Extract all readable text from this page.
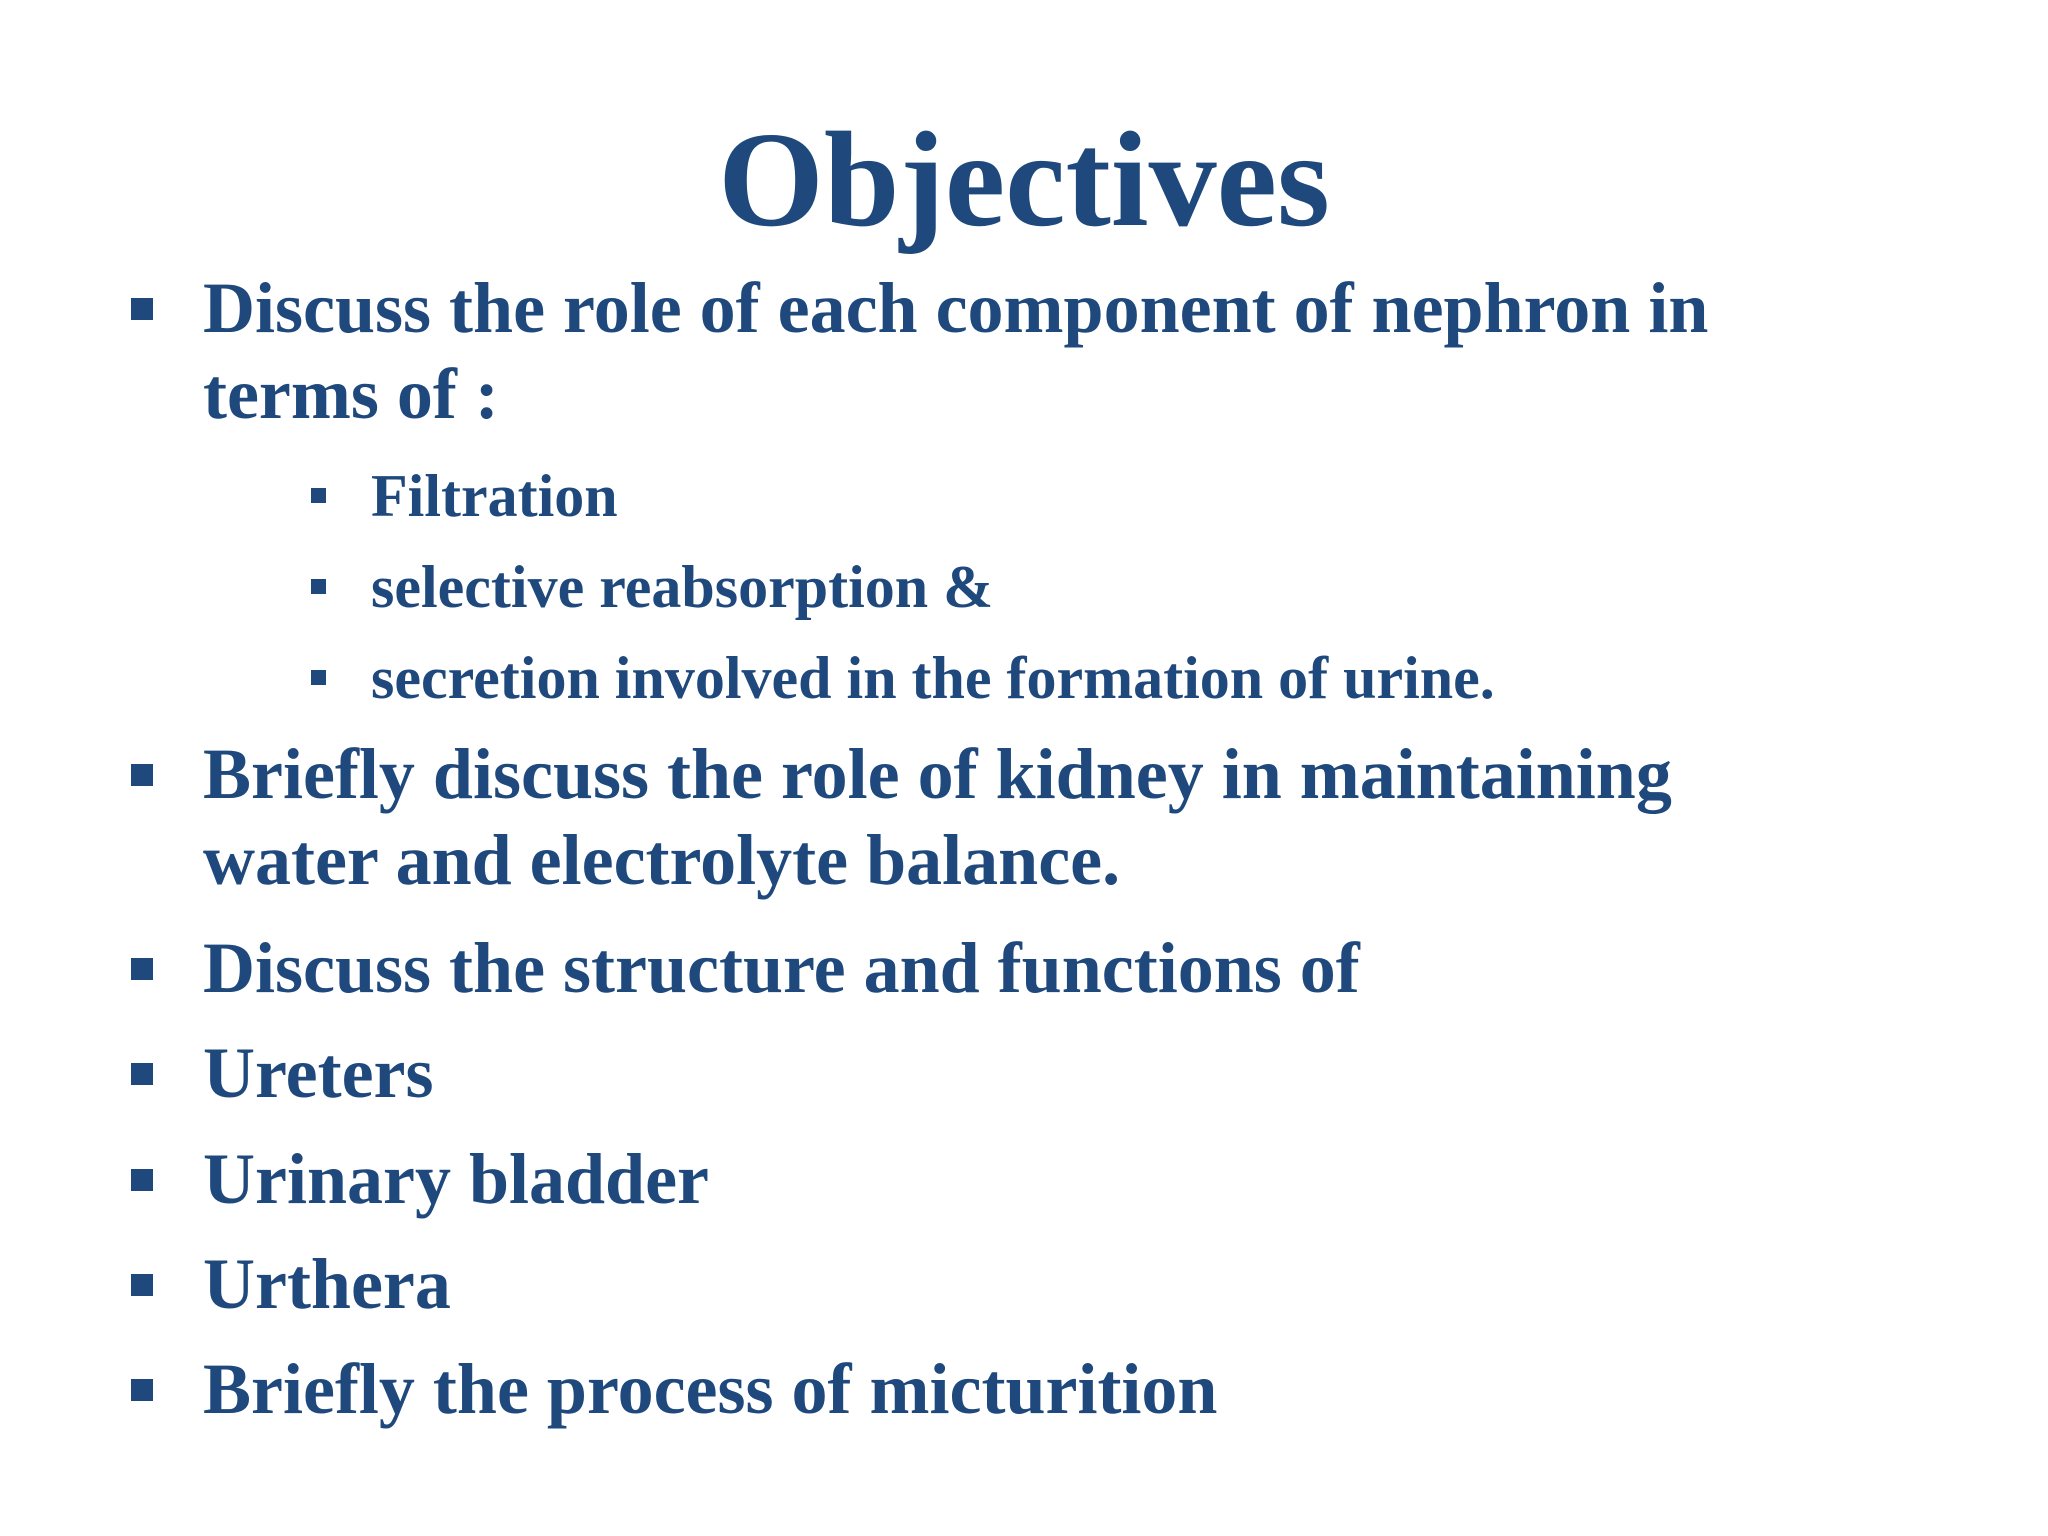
Objectives
Discuss the role of each component of nephron in
terms of :
Filtration
selective reabsorption &
secretion involved in the formation of urine.
Briefly discuss the role of kidney in maintaining
water and electrolyte balance.
Discuss the structure and functions of
Ureters
Urinary bladder
Urthera
Briefly the process of micturition
